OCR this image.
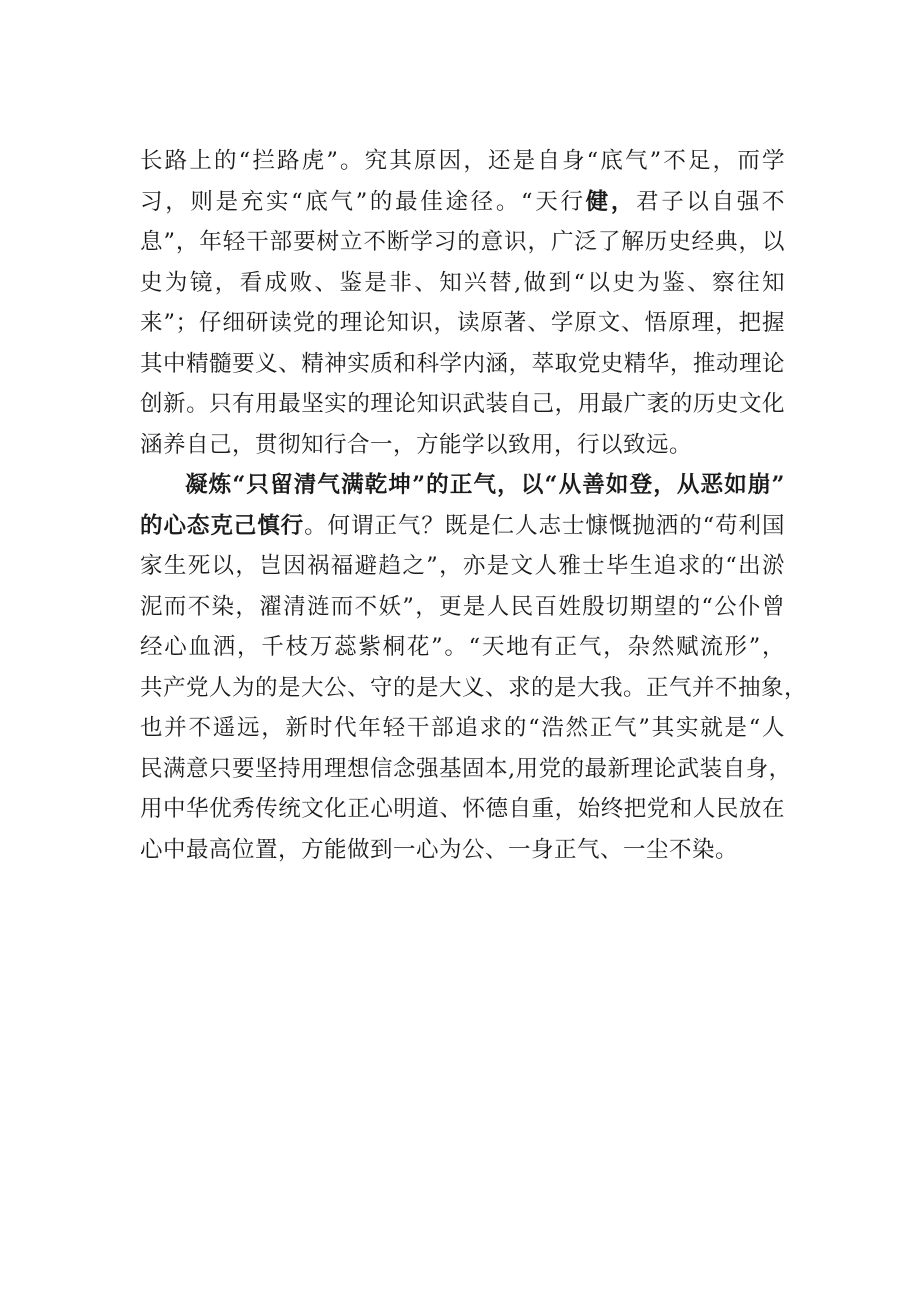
长路上的“拦路虎”。究其原因，还是自身“底气”不足，而学
习，则是充实“底气”的最佳途径。“天行健，君子以自强不
息”，年轻干部要树立不断学习的意识，广泛了解历史经典，以
史为镜，看成败、鉴是非、知兴替,做到“以史为鉴、察往知
来”；仔细研读党的理论知识，读原著、学原文、悟原理，把握
其中精髓要义、精神实质和科学内涵，萃取党史精华，推动理论
创新。只有用最坚实的理论知识武装自己，用最广袤的历史文化
涵养自己，贯彻知行合一，方能学以致用，行以致远。
凝炼“只留清气满乾坤”的正气，以“从善如登，从恶如崩”
的心态克己慎行。何谓正气？既是仁人志士慷慨抛洒的“苟利国
家生死以，岂因祸福避趋之”，亦是文人雅士毕生追求的“出淤
泥而不染，濯清涟而不妖”，更是人民百姓殷切期望的“公仆曾
经心血洒，千枝万蕊紫桐花”。“天地有正气，杂然赋流形”，
共产党人为的是大公、守的是大义、求的是大我。正气并不抽象，
也并不遥远，新时代年轻干部追求的“浩然正气”其实就是“人
民满意只要坚持用理想信念强基固本,用党的最新理论武装自身，
用中华优秀传统文化正心明道、怀德自重，始终把党和人民放在
心中最高位置，方能做到一心为公、一身正气、一尘不染。
